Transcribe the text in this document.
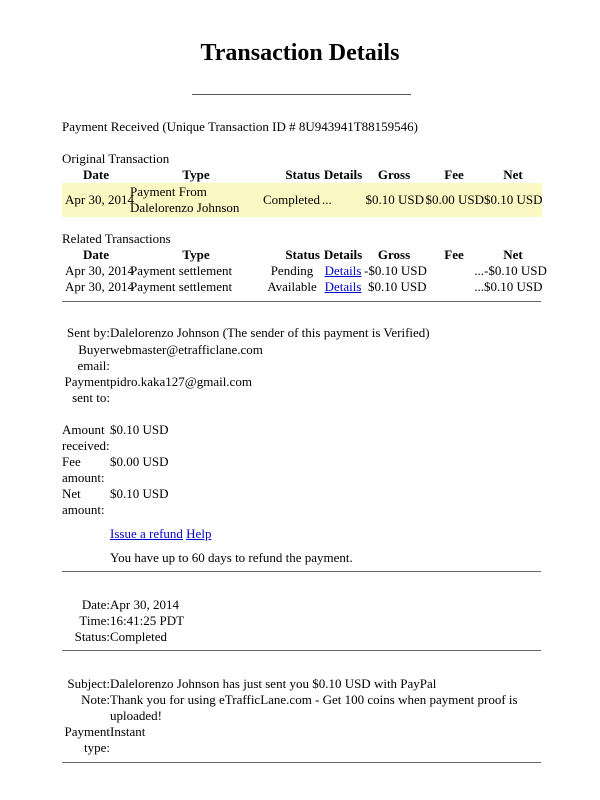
Transaction Details
Payment Received (Unique Transaction ID # 8U943941T88159546)
Original Transaction
Date	Type	Status	Details	Gross	Fee	Net
Apr 30, 2014	Payment From
Dalelorenzo Johnson	Completed	...	$0.10 USD	$0.00 USD	$0.10 USD
Related Transactions
Date	Type	Status	Details	Gross	Fee	Net
Apr 30, 2014	Payment settlement	Pending	Details	-$0.10 USD	...	-$0.10 USD
Apr 30, 2014	Payment settlement	Available	Details	$0.10 USD	...	$0.10 USD
Sent by: Dalelorenzo Johnson (The sender of this payment is Verified)
Buyer
email:
webmaster@etrafficlane.com
Payment
sent to:
pidro.kaka127@gmail.com
Amount
received:
$0.10 USD
Fee
amount:
$0.00 USD
Net
amount:
$0.10 USD
Issue a refund Help
You have up to 60 days to refund the payment.
Date: Apr 30, 2014
Time: 16:41:25 PDT
Status: Completed
Subject: Dalelorenzo Johnson has just sent you $0.10 USD with PayPal
Note: Thank you for using eTrafficLane.com - Get 100 coins when payment proof is
uploaded!
Payment
type:
Instant
